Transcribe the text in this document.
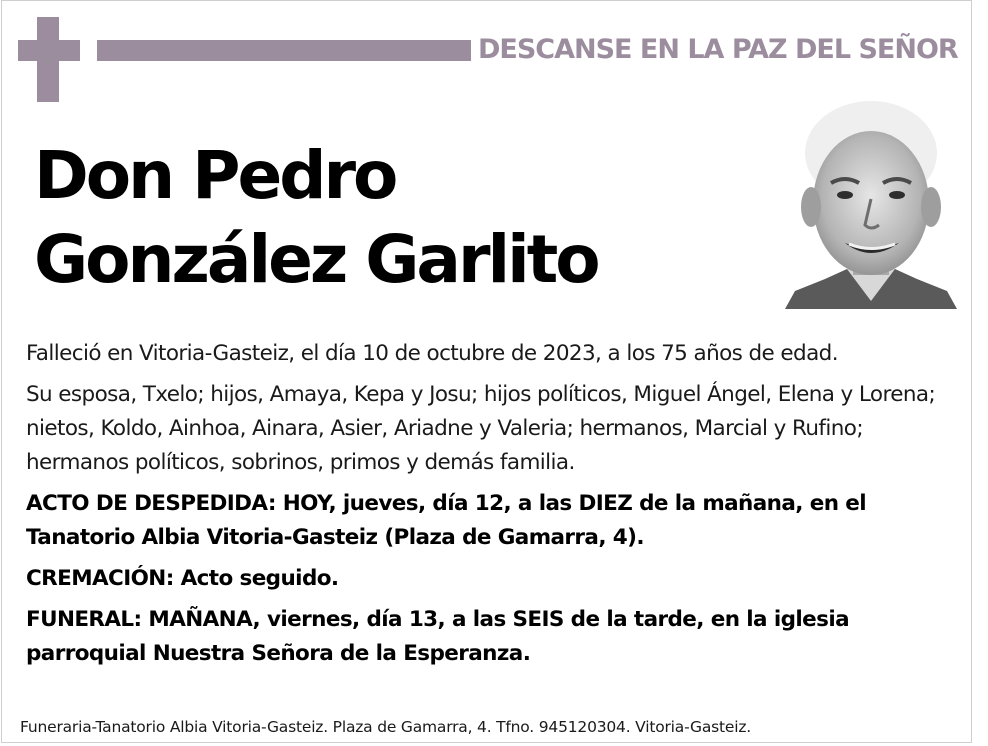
DESCANSE EN LA PAZ DEL SEÑOR
Don Pedro
González Garlito

Falleció en Vitoria-Gasteiz, el día 10 de octubre de 2023, a los 75 años de edad.

Su esposa, Txelo; hijos, Amaya, Kepa y Josu; hijos políticos, Miguel Ángel, Elena y Lorena; nietos, Koldo, Ainhoa, Ainara, Asier, Ariadne y Valeria; hermanos, Marcial y Rufino; hermanos políticos, sobrinos, primos y demás familia.

ACTO DE DESPEDIDA: HOY, jueves, día 12, a las DIEZ de la mañana, en el Tanatorio Albia Vitoria-Gasteiz (Plaza de Gamarra, 4).

CREMACIÓN: Acto seguido.

FUNERAL: MAÑANA, viernes, día 13, a las SEIS de la tarde, en la iglesia parroquial Nuestra Señora de la Esperanza.

Funeraria-Tanatorio Albia Vitoria-Gasteiz. Plaza de Gamarra, 4. Tfno. 945120304. Vitoria-Gasteiz.
